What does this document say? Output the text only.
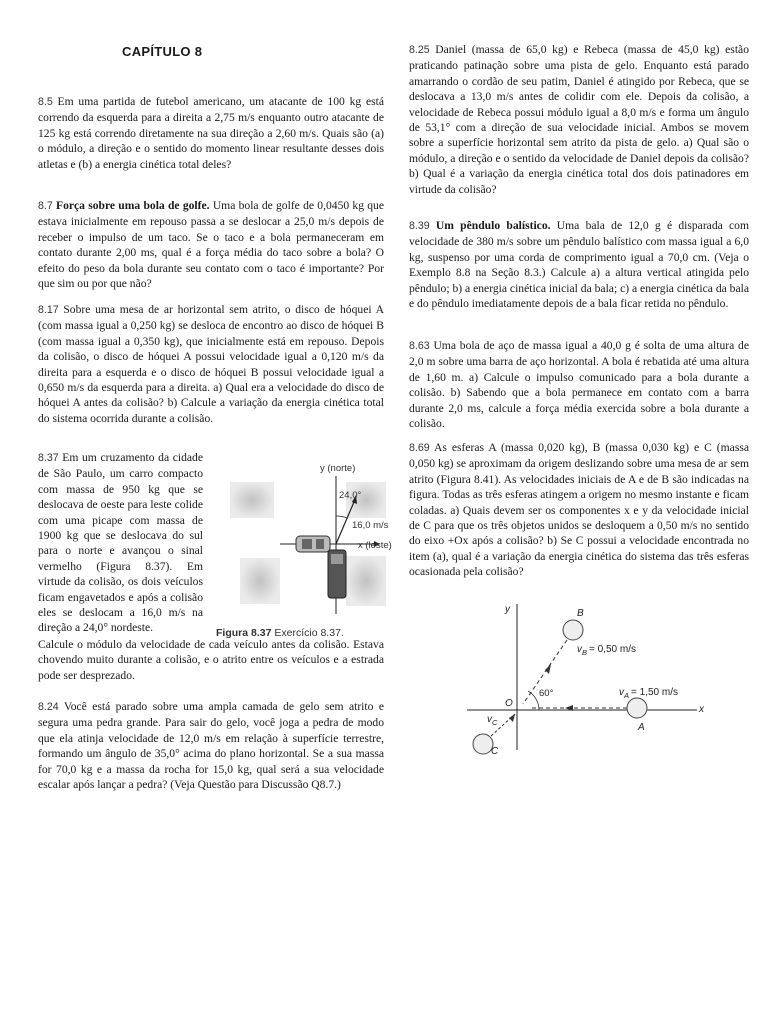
CAPÍTULO 8
8.5 Em uma partida de futebol americano, um atacante de 100 kg está correndo da esquerda para a direita a 2,75 m/s enquanto outro atacante de 125 kg está correndo diretamente na sua direção a 2,60 m/s. Quais são (a) o módulo, a direção e o sentido do momento linear resultante desses dois atletas e (b) a energia cinética total deles?
8.7 Força sobre uma bola de golfe. Uma bola de golfe de 0,0450 kg que estava inicialmente em repouso passa a se deslocar a 25,0 m/s depois de receber o impulso de um taco. Se o taco e a bola permaneceram em contato durante 2,00 ms, qual é a força média do taco sobre a bola? O efeito do peso da bola durante seu contato com o taco é importante? Por que sim ou por que não?
8.17 Sobre uma mesa de ar horizontal sem atrito, o disco de hóquei A (com massa igual a 0,250 kg) se desloca de encontro ao disco de hóquei B (com massa igual a 0,350 kg), que inicialmente está em repouso. Depois da colisão, o disco de hóquei A possui velocidade igual a 0,120 m/s da direita para a esquerda e o disco de hóquei B possui velocidade igual a 0,650 m/s da esquerda para a direita. a) Qual era a velocidade do disco de hóquei A antes da colisão? b) Calcule a variação da energia cinética total do sistema ocorrida durante a colisão.
8.37 Em um cruzamento da cidade de São Paulo, um carro compacto com massa de 950 kg que se deslocava de oeste para leste colide com uma picape com massa de 1900 kg que se deslocava do sul para o norte e avançou o sinal vermelho (Figura 8.37). Em virtude da colisão, os dois veículos ficam engavetados e após a colisão eles se deslocam a 16,0 m/s na direção a 24,0° nordeste.
Calcule o módulo da velocidade de cada veículo antes da colisão. Estava chovendo muito durante a colisão, e o atrito entre os veículos e a estrada pode ser desprezado.
y (norte)
24,0°
16,0 m/s
x (leste)
Figura 8.37 Exercício 8.37.
8.24 Você está parado sobre uma ampla camada de gelo sem atrito e segura uma pedra grande. Para sair do gelo, você joga a pedra de modo que ela atinja velocidade de 12,0 m/s em relação à superfície terrestre, formando um ângulo de 35,0° acima do plano horizontal. Se a sua massa for 70,0 kg e a massa da rocha for 15,0 kg, qual será a sua velocidade escalar após lançar a pedra? (Veja Questão para Discussão Q8.7.)
8.25 Daniel (massa de 65,0 kg) e Rebeca (massa de 45,0 kg) estão praticando patinação sobre uma pista de gelo. Enquanto está parado amarrando o cordão de seu patim, Daniel é atingido por Rebeca, que se deslocava a 13,0 m/s antes de colidir com ele. Depois da colisão, a velocidade de Rebeca possui módulo igual a 8,0 m/s e forma um ângulo de 53,1° com a direção de sua velocidade inicial. Ambos se movem sobre a superfície horizontal sem atrito da pista de gelo. a) Qual são o módulo, a direção e o sentido da velocidade de Daniel depois da colisão? b) Qual é a variação da energia cinética total dos dois patinadores em virtude da colisão?
8.39 Um pêndulo balístico. Uma bala de 12,0 g é disparada com velocidade de 380 m/s sobre um pêndulo balístico com massa igual a 6,0 kg, suspenso por uma corda de comprimento igual a 70,0 cm. (Veja o Exemplo 8.8 na Seção 8.3.) Calcule a) a altura vertical atingida pelo pêndulo; b) a energia cinética inicial da bala; c) a energia cinética da bala e do pêndulo imediatamente depois de a bala ficar retida no pêndulo.
8.63 Uma bola de aço de massa igual a 40,0 g é solta de uma altura de 2,0 m sobre uma barra de aço horizontal. A bola é rebatida até uma altura de 1,60 m. a) Calcule o impulso comunicado para a bola durante a colisão. b) Sabendo que a bola permanece em contato com a barra durante 2,0 ms, calcule a força média exercida sobre a bola durante a colisão.
8.69 As esferas A (massa 0,020 kg), B (massa 0,030 kg) e C (massa 0,050 kg) se aproximam da origem deslizando sobre uma mesa de ar sem atrito (Figura 8.41). As velocidades iniciais de A e de B são indicadas na figura. Todas as três esferas atingem a origem no mesmo instante e ficam coladas. a) Quais devem ser os componentes x e y da velocidade inicial de C para que os três objetos unidos se desloquem a 0,50 m/s no sentido do eixo +Ox após a colisão? b) Se C possui a velocidade encontrada no item (a), qual é a variação da energia cinética do sistema das três esferas ocasionada pela colisão?
y
x
O
60°
B
A
C
$v_B = 0,50$ m/s
$v_A = 1,50$ m/s
$v_C$
